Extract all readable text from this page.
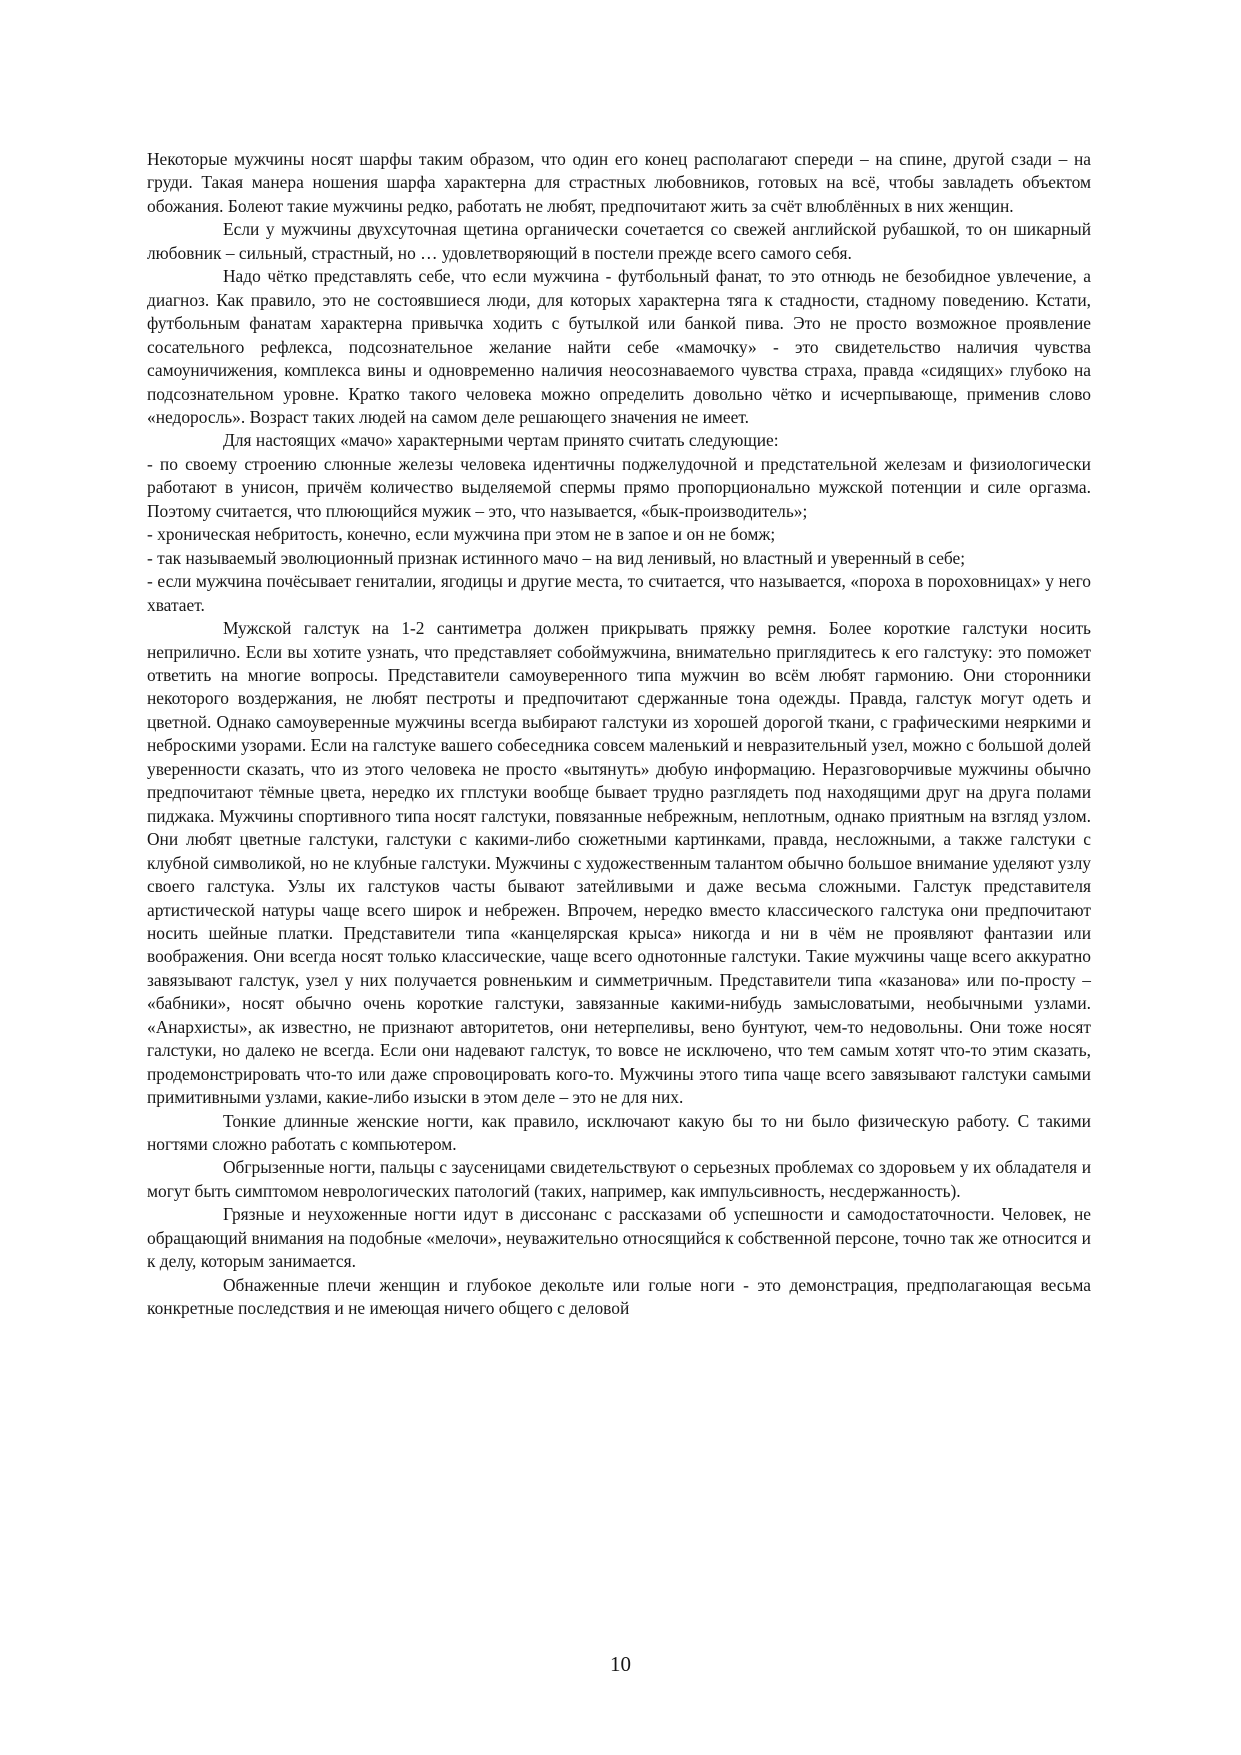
Некоторые мужчины носят шарфы таким образом, что один его конец располагают спереди – на спине, другой сзади – на груди. Такая манера ношения шарфа характерна для страстных любовников, готовых на всё, чтобы завладеть объектом обожания. Болеют такие мужчины редко, работать не любят, предпочитают жить за счёт влюблённых в них женщин.

Если у мужчины двухсуточная щетина органически сочетается со свежей английской рубашкой, то он шикарный любовник – сильный, страстный, но … удовлетворяющий в постели прежде всего самого себя.

Надо чётко представлять себе, что если мужчина - футбольный фанат, то это отнюдь не безобидное увлечение, а диагноз. Как правило, это не состоявшиеся люди, для которых характерна тяга к стадности, стадному поведению. Кстати, футбольным фанатам характерна привычка ходить с бутылкой или банкой пива. Это не просто возможное проявление сосательного рефлекса, подсознательное желание найти себе «мамочку» - это свидетельство наличия чувства самоуничижения, комплекса вины и одновременно наличия неосознаваемого чувства страха, правда «сидящих» глубоко на подсознательном уровне. Кратко такого человека можно определить довольно чётко и исчерпывающе, применив слово «недоросль». Возраст таких людей на самом деле решающего значения не имеет.

Для настоящих «мачо» характерными чертам принято считать следующие:

- по своему строению слюнные железы человека идентичны поджелудочной и предстательной железам и физиологически работают в унисон, причём количество выделяемой спермы прямо пропорционально мужской потенции и силе оргазма. Поэтому считается, что плюющийся мужик – это, что называется, «бык-производитель»;

- хроническая небритость, конечно, если мужчина при этом не в запое и он не бомж;

- так называемый эволюционный признак истинного мачо – на вид ленивый, но властный и уверенный в себе;

- если мужчина почёсывает гениталии, ягодицы и другие места, то считается, что называется, «пороха в пороховницах» у него хватает.

Мужской галстук на 1-2 сантиметра должен прикрывать пряжку ремня. Более короткие галстуки носить неприлично. Если вы хотите узнать, что представляет собоймужчина, внимательно приглядитесь к его галстуку: это поможет ответить на многие вопросы. Представители самоуверенного типа мужчин во всём любят гармонию. Они сторонники некоторого воздержания, не любят пестроты и предпочитают сдержанные тона одежды. Правда, галстук могут одеть и цветной. Однако самоуверенные мужчины всегда выбирают галстуки из хорошей дорогой ткани, с графическими неяркими и неброскими узорами. Если на галстуке вашего собеседника совсем маленький и невразительный узел, можно с большой долей уверенности сказать, что из этого человека не просто «вытянуть» дюбую информацию. Неразговорчивые мужчины обычно предпочитают тёмные цвета, нередко их гплстуки вообще бывает трудно разглядеть под находящими друг на друга полами пиджака. Мужчины спортивного типа носят галстуки, повязанные небрежным, неплотным, однако приятным на взгляд узлом. Они любят цветные галстуки, галстуки с какими-либо сюжетными картинками, правда, несложными, а также галстуки с клубной символикой, но не клубные галстуки. Мужчины с художественным талантом обычно большое внимание уделяют узлу своего галстука. Узлы их галстуков часты бывают затейливыми и даже весьма сложными. Галстук представителя артистической натуры чаще всего широк и небрежен. Впрочем, нередко вместо классического галстука они предпочитают носить шейные платки. Представители типа «канцелярская крыса» никогда и ни в чём не проявляют фантазии или воображения. Они всегда носят только классические, чаще всего однотонные галстуки. Такие мужчины чаще всего аккуратно завязывают галстук, узел у них получается ровненьким и симметричным. Представители типа «казанова» или по-просту – «бабники», носят обычно очень короткие галстуки, завязанные какими-нибудь замысловатыми, необычными узлами. «Анархисты», ак известно, не признают авторитетов, они нетерпеливы, вено бунтуют, чем-то недовольны. Они тоже носят галстуки, но далеко не всегда. Если они надевают галстук, то вовсе не исключено, что тем самым хотят что-то этим сказать, продемонстрировать что-то или даже спровоцировать кого-то. Мужчины этого типа чаще всего завязывают галстуки самыми примитивными узлами, какие-либо изыски в этом деле – это не для них.

Тонкие длинные женские ногти, как правило, исключают какую бы то ни было физическую работу. С такими ногтями сложно работать с компьютером.

Обгрызенные ногти, пальцы с заусеницами свидетельствуют о серьезных проблемах со здоровьем у их обладателя и могут быть симптомом неврологических патологий (таких, например, как импульсивность, несдержанность).

Грязные и неухоженные ногти идут в диссонанс с рассказами об успешности и самодостаточности. Человек, не обращающий внимания на подобные «мелочи», неуважительно относящийся к собственной персоне, точно так же относится и к делу, которым занимается.

Обнаженные плечи женщин и глубокое декольте или голые ноги - это демонстрация, предполагающая весьма конкретные последствия и не имеющая ничего общего с деловой

10
